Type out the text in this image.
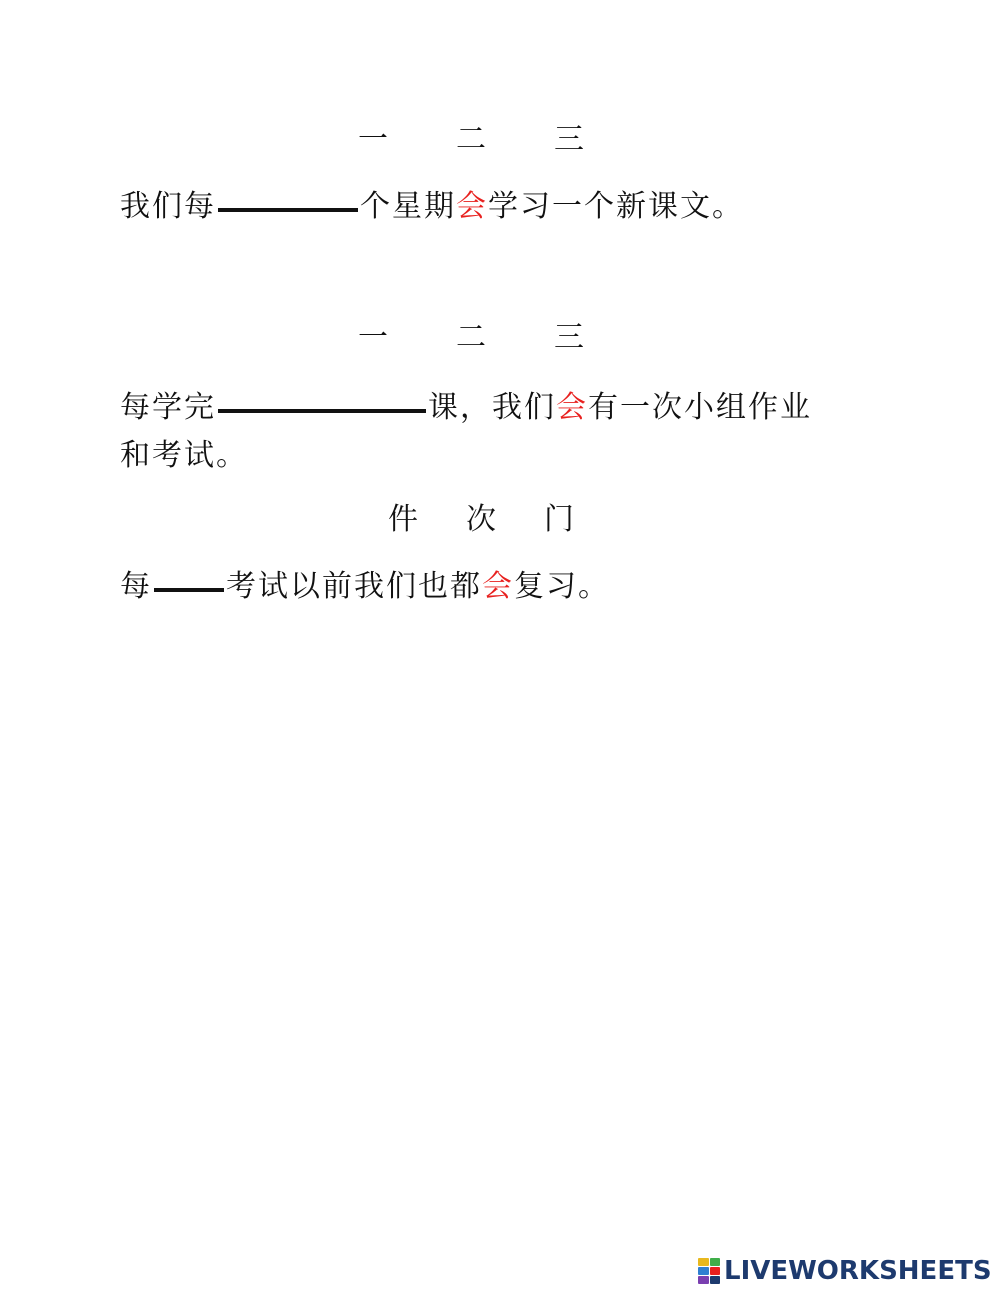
一 二 三
我们每	个星期会学习一个新课文。
一 二 三
每学完	课，我们会有一次小组作业
和考试。
件 次 门
每 考试以前我们也都会复习。
LIVEWORKSHEETS
